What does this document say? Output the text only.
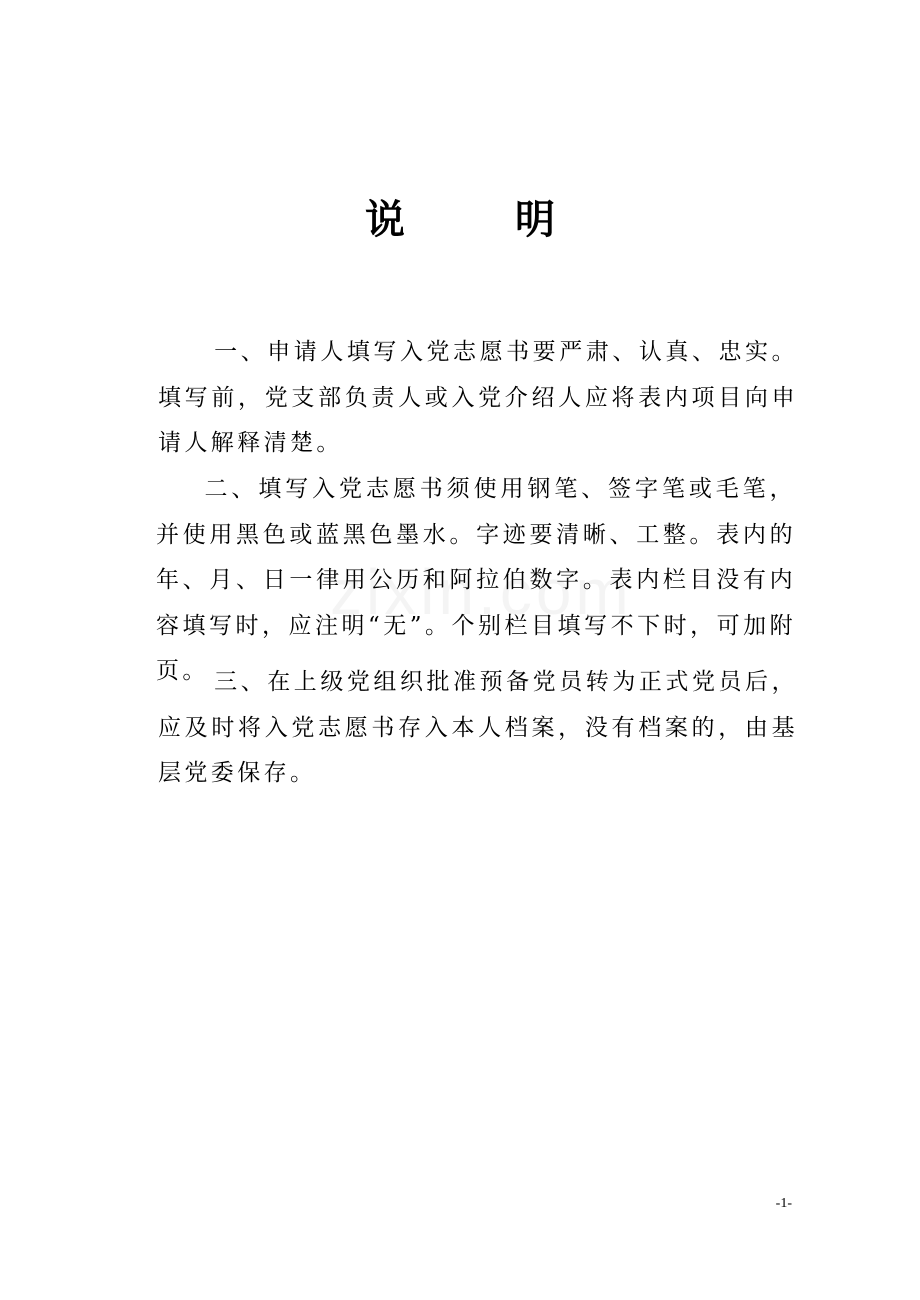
说	明

一、申请人填写入党志愿书要严肃、认真、忠实。填写前，党支部负责人或入党介绍人应将表内项目向申请人解释清楚。

二、填写入党志愿书须使用钢笔、签字笔或毛笔，并使用黑色或蓝黑色墨水。字迹要清晰、工整。表内的年、月、日一律用公历和阿拉伯数字。表内栏目没有内容填写时，应注明“无”。个别栏目填写不下时，可加附页。 三、在上级党组织批准预备党员转为正式党员后，应及时将入党志愿书存入本人档案，没有档案的，由基层党委保存。

-1-
